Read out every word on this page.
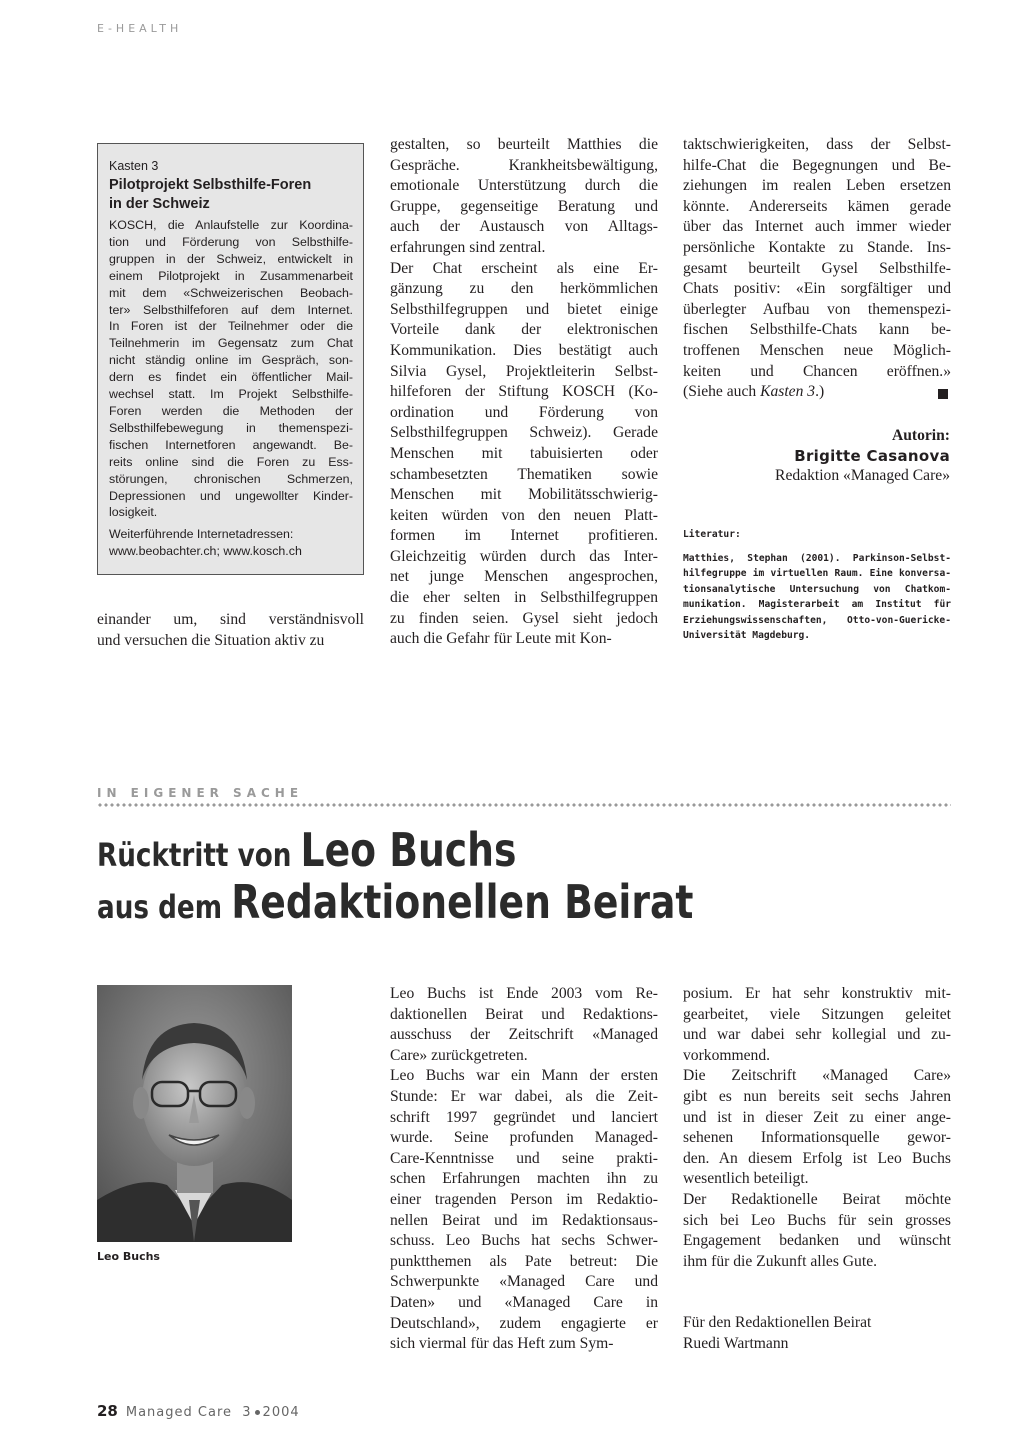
E-HEALTH
Kasten 3
Pilotprojekt Selbsthilfe-Foren
in der Schweiz
KOSCH, die Anlaufstelle zur Koordina-
tion und Förderung von Selbsthilfe-
gruppen in der Schweiz, entwickelt in
einem Pilotprojekt in Zusammenarbeit
mit dem «Schweizerischen Beobach-
ter» Selbsthilfeforen auf dem Internet.
In Foren ist der Teilnehmer oder die
Teilnehmerin im Gegensatz zum Chat
nicht ständig online im Gespräch, son-
dern es findet ein öffentlicher Mail-
wechsel statt. Im Projekt Selbsthilfe-
Foren werden die Methoden der
Selbsthilfebewegung in themenspezi-
fischen Internetforen angewandt. Be-
reits online sind die Foren zu Ess-
störungen, chronischen Schmerzen,
Depressionen und ungewollter Kinder-
losigkeit.
Weiterführende Internetadressen:
www.beobachter.ch; www.kosch.ch
einander um, sind verständnisvoll
und versuchen die Situation aktiv zu
gestalten, so beurteilt Matthies die
Gespräche. Krankheitsbewältigung,
emotionale Unterstützung durch die
Gruppe, gegenseitige Beratung und
auch der Austausch von Alltags-
erfahrungen sind zentral.
Der Chat erscheint als eine Er-
gänzung zu den herkömmlichen
Selbsthilfegruppen und bietet einige
Vorteile dank der elektronischen
Kommunikation. Dies bestätigt auch
Silvia Gysel, Projektleiterin Selbst-
hilfeforen der Stiftung KOSCH (Ko-
ordination und Förderung von
Selbsthilfegruppen Schweiz). Gerade
Menschen mit tabuisierten oder
schambesetzten Thematiken sowie
Menschen mit Mobilitätsschwierig-
keiten würden von den neuen Platt-
formen im Internet profitieren.
Gleichzeitig würden durch das Inter-
net junge Menschen angesprochen,
die eher selten in Selbsthilfegruppen
zu finden seien. Gysel sieht jedoch
auch die Gefahr für Leute mit Kon-
taktschwierigkeiten, dass der Selbst-
hilfe-Chat die Begegnungen und Be-
ziehungen im realen Leben ersetzen
könnte. Andererseits kämen gerade
über das Internet auch immer wieder
persönliche Kontakte zu Stande. Ins-
gesamt beurteilt Gysel Selbsthilfe-
Chats positiv: «Ein sorgfältiger und
überlegter Aufbau von themenspezi-
fischen Selbsthilfe-Chats kann be-
troffenen Menschen neue Möglich-
keiten und Chancen eröffnen.»
(Siehe auch Kasten 3.)
Autorin:
Brigitte Casanova
Redaktion «Managed Care»
Literatur:
Matthies, Stephan (2001). Parkinson-Selbst-
hilfegruppe im virtuellen Raum. Eine konversa-
tionsanalytische Untersuchung von Chatkom-
munikation. Magisterarbeit am Institut für
Erziehungswissenschaften, Otto-von-Guericke-
Universität Magdeburg.
IN EIGENER SACHE
Rücktritt von Leo Buchs
aus dem Redaktionellen Beirat
Leo Buchs
Leo Buchs ist Ende 2003 vom Re-
daktionellen Beirat und Redaktions-
ausschuss der Zeitschrift «Managed
Care» zurückgetreten.
Leo Buchs war ein Mann der ersten
Stunde: Er war dabei, als die Zeit-
schrift 1997 gegründet und lanciert
wurde. Seine profunden Managed-
Care-Kenntnisse und seine prakti-
schen Erfahrungen machten ihn zu
einer tragenden Person im Redaktio-
nellen Beirat und im Redaktionsaus-
schuss. Leo Buchs hat sechs Schwer-
punktthemen als Pate betreut: Die
Schwerpunkte «Managed Care und
Daten» und «Managed Care in
Deutschland», zudem engagierte er
sich viermal für das Heft zum Sym-
posium. Er hat sehr konstruktiv mit-
gearbeitet, viele Sitzungen geleitet
und war dabei sehr kollegial und zu-
vorkommend.
Die Zeitschrift «Managed Care»
gibt es nun bereits seit sechs Jahren
und ist in dieser Zeit zu einer ange-
sehenen Informationsquelle gewor-
den. An diesem Erfolg ist Leo Buchs
wesentlich beteiligt.
Der Redaktionelle Beirat möchte
sich bei Leo Buchs für sein grosses
Engagement bedanken und wünscht
ihm für die Zukunft alles Gute.
Für den Redaktionellen Beirat
Ruedi Wartmann
28 Managed Care 3 2004
